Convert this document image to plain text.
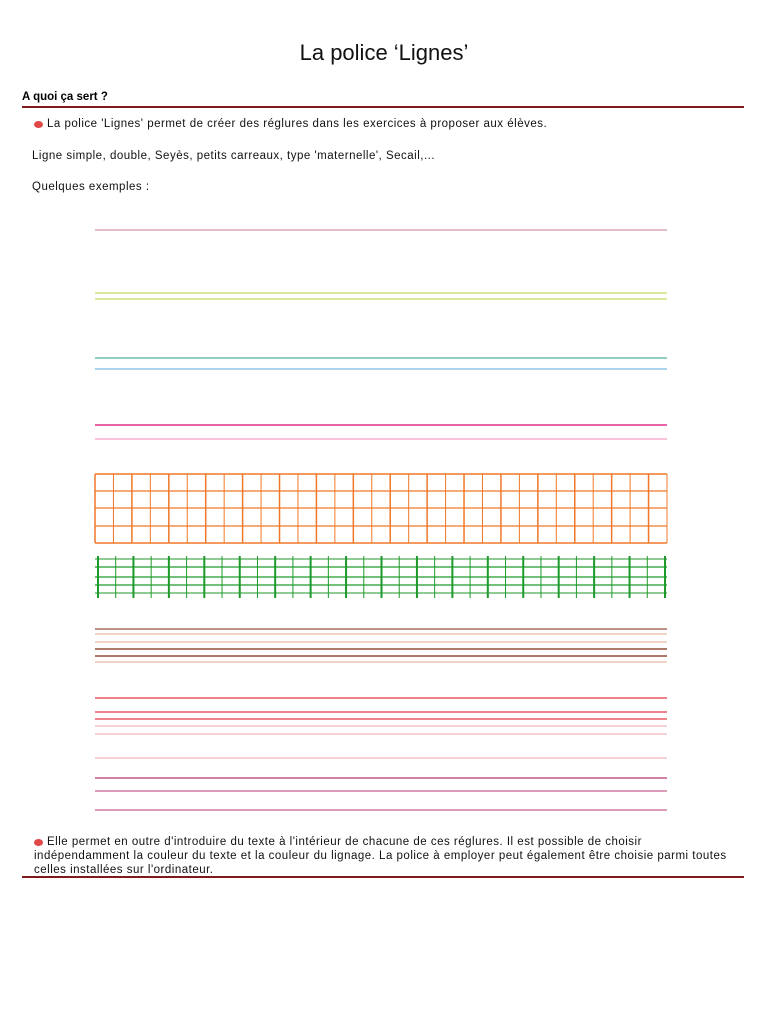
La police ‘Lignes’
A quoi ça sert ?
La police 'Lignes' permet de créer des réglures dans les exercices à proposer aux élèves.
Ligne simple, double, Seyès, petits carreaux, type 'maternelle', Secail,...
Quelques exemples :
Elle permet en outre d'introduire du texte à l'intérieur de chacune de ces réglures. Il est possible de choisir indépendamment la couleur du texte et la couleur du lignage. La police à employer peut également être choisie parmi toutes celles installées sur l'ordinateur.
